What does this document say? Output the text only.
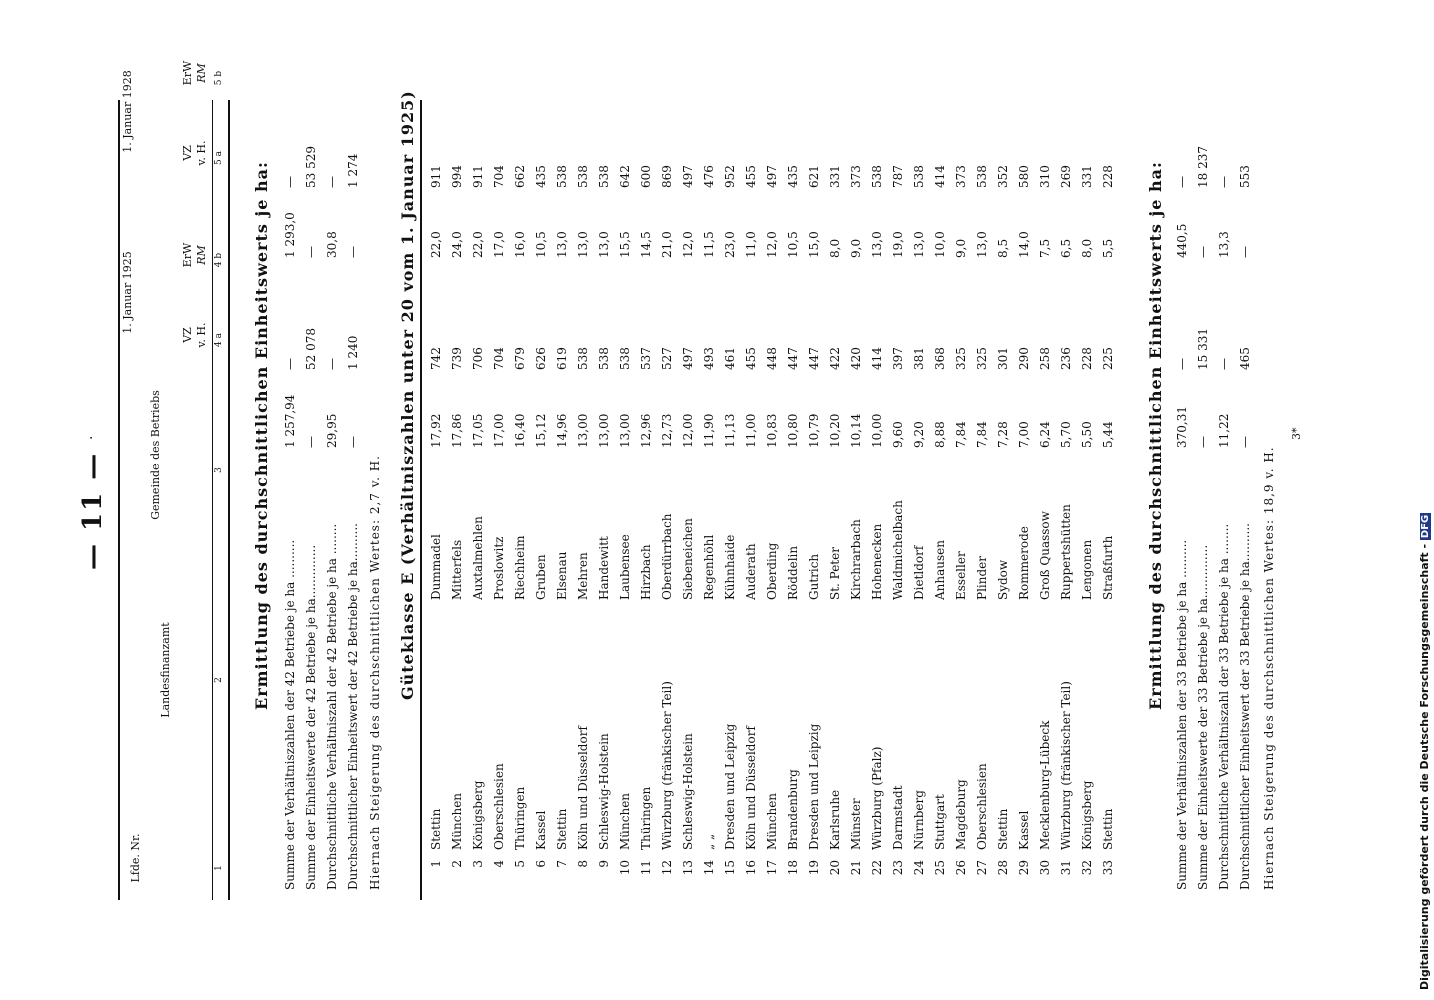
— 11 —
.
Lfde. Nr.
Landesfinanzamt
Gemeinde des Betriebs
1. Januar 1925
1. Januar 1928
VZ v. H.
ErW RM
VZ v. H.
ErW RM
1
2
3
4 a
4 b
5 a
5 b
Ermittlung des durchschnittlichen Einheitswerts je ha:
Summe der Verhältniszahlen der 42 Betriebe je ha ..........
1 257,94
—
1 293,0
—
Summe der Einheitswerte der 42 Betriebe je ha..............
—
52 078
—
53 529
Durchschnittliche Verhältniszahl der 42 Betriebe je ha ........
29,95
—
30,8
—
Durchschnittlicher Einheitswert der 42 Betriebe je ha..........
—
1 240
—
1 274
Hiernach Steigerung des durchschnittlichen Wertes: 2,7 v. H. Güteklasse E (Verhältniszahlen unter 20 vom 1. Januar 1925)
1
Stettin
Dummadel
17,92
742
22,0
911
2
München
Mitterfels
17,86
739
24,0
994
3
Königsberg
Auxtalmehlen
17,05
706
22,0
911
4
Oberschlesien
Proslowitz
17,00
704
17,0
704
5
Thüringen
Riechheim
16,40
679
16,0
662
6
Kassel
Gruben
15,12
626
10,5
435
7
Stettin
Elsenau
14,96
619
13,0
538
8
Köln und Düsseldorf
Mehren
13,00
538
13,0
538
9
Schleswig-Holstein
Handewitt
13,00
538
13,0
538
10
München
Laubensee
13,00
538
15,5
642
11
Thüringen
Hirzbach
12,96
537
14,5
600
12
Würzburg (fränkischer Teil)
Oberdürrbach
12,73
527
21,0
869
13
Schleswig-Holstein
Siebeneichen
12,00
497
12,0
497
14
„ „
Regenhöhl
11,90
493
11,5
476
15
Dresden und Leipzig
Kühnhaide
11,13
461
23,0
952
16
Köln und Düsseldorf
Auderath
11,00
455
11,0
455
17
München
Oberding
10,83
448
12,0
497
18
Brandenburg
Röddelin
10,80
447
10,5
435
19
Dresden und Leipzig
Gutrich
10,79
447
15,0
621
20
Karlsruhe
St. Peter
10,20
422
8,0
331
21
Münster
Kirchrarbach
10,14
420
9,0
373
22
Würzburg (Pfalz)
Hohenecken
10,00
414
13,0
538
23
Darmstadt
Waldmichelbach
9,60
397
19,0
787
24
Nürnberg
Dietldorf
9,20
381
13,0
538
25
Stuttgart
Anhausen
8,88
368
10,0
414
26
Magdeburg
Esseller
7,84
325
9,0
373
27
Oberschlesien
Plinder
7,84
325
13,0
538
28
Stettin
Sydow
7,28
301
8,5
352
29
Kassel
Rommerode
7,00
290
14,0
580
30
Mecklenburg-Lübeck
Groß Quassow
6,24
258
7,5
310
31
Würzburg (fränkischer Teil)
Ruppertshütten
5,70
236
6,5
269
32
Königsberg
Lengonen
5,50
228
8,0
331
33
Stettin
Straßfurth
5,44
225
5,5
228 Ermittlung des durchschnittlichen Einheitswerts je ha:
Summe der Verhältniszahlen der 33 Betriebe je ha ..........
370,31
—
440,5
—
Summe der Einheitswerte der 33 Betriebe je ha..............
—
15 331
—
18 237
Durchschnittliche Verhältniszahl der 33 Betriebe je ha ........
11,22
—
13,3
—
Durchschnittlicher Einheitswert der 33 Betriebe je ha..........
—
465
—
553
Hiernach Steigerung des durchschnittlichen Wertes: 18,9 v. H.
3*
Digitalisierung gefördert durch die Deutsche Forschungsgemeinschaft - DFG
